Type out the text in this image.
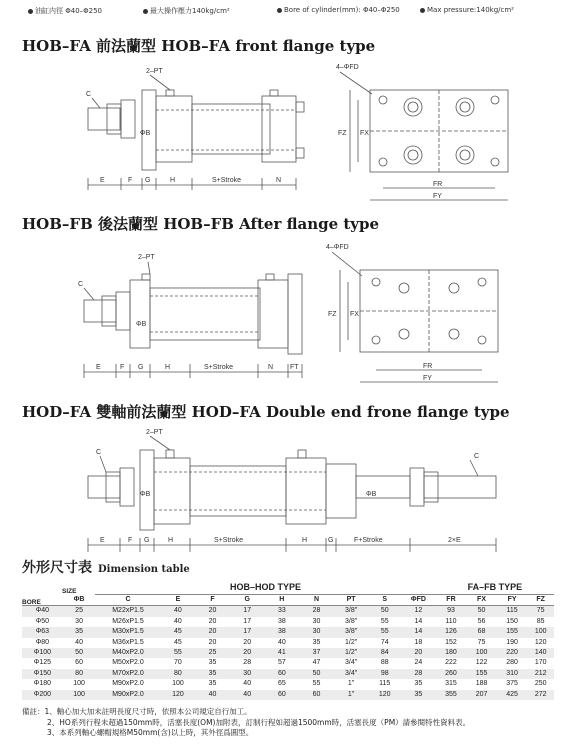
油缸内徑 Φ40–Φ250	最大操作壓力140kg/cm²	Bore of cylinder(mm): Φ40–Φ250	Max pressure:140kg/cm²
HOB–FA 前法蘭型 HOB–FA front flange type
HOB–FB 後法蘭型 HOB–FB After flange type
HOD–FA 雙軸前法蘭型 HOD–FA Double end frone flange type
2–PT
C
ΦB
E	F G	H	S+Stroke	N
4–ΦFD
FZ FX
FR
FY
2–PT
C
ΦB
E	F G	H	S+Stroke	N FT
4–ΦFD
FZ FX
FR
FY
2–PT
C
C
ΦB	ΦB
E	F G	H	S+Stroke	H	G	F+Stroke	2×E
外形尺寸表 Dimension table
		HOB–HOD TYPE									FA–FB TYPE			

SIZE
BORE	ΦB	C	E	F	G	H	N	PT	S	ΦFD	FR	FX	FY	FZ
Φ40	25	M22xP1.5	40	20	17	33	28	3/8"	50	12	93	50	115	75
Φ50	30	M26xP1.5	40	20	17	38	30	3/8"	55	14	110	56	150	85
Φ63	35	M30xP1.5	45	20	17	38	30	3/8"	55	14	126	68	155	100
Φ80	40	M36xP1.5	45	20	20	40	35	1/2"	74	18	152	75	190	120
Φ100	50	M40xP2.0	55	25	20	41	37	1/2"	84	20	180	100	220	140
Φ125	60	M50xP2.0	70	35	28	57	47	3/4"	88	24	222	122	280	170
Φ150	80	M70xP2.0	80	35	30	60	50	3/4"	98	28	260	155	310	212
Φ180	100	M90xP2.0	100	35	40	65	55	1"	115	35	315	188	375	250
Φ200	100	M90xP2.0	120	40	40	60	60	1"	120	35	355	207	425	272
備註：1、軸心加大加未註明長度尺寸時，依照本公司規定自行加工。
2、HO系列行程未超過150mm時，活塞長度(OM)加附表，訂制行程如超過1500mm時，活塞長度（PM）請參閱特性資料表。
3、本系列軸心螺帽規格M50mm(含)以上時，其外徑爲圓型。
